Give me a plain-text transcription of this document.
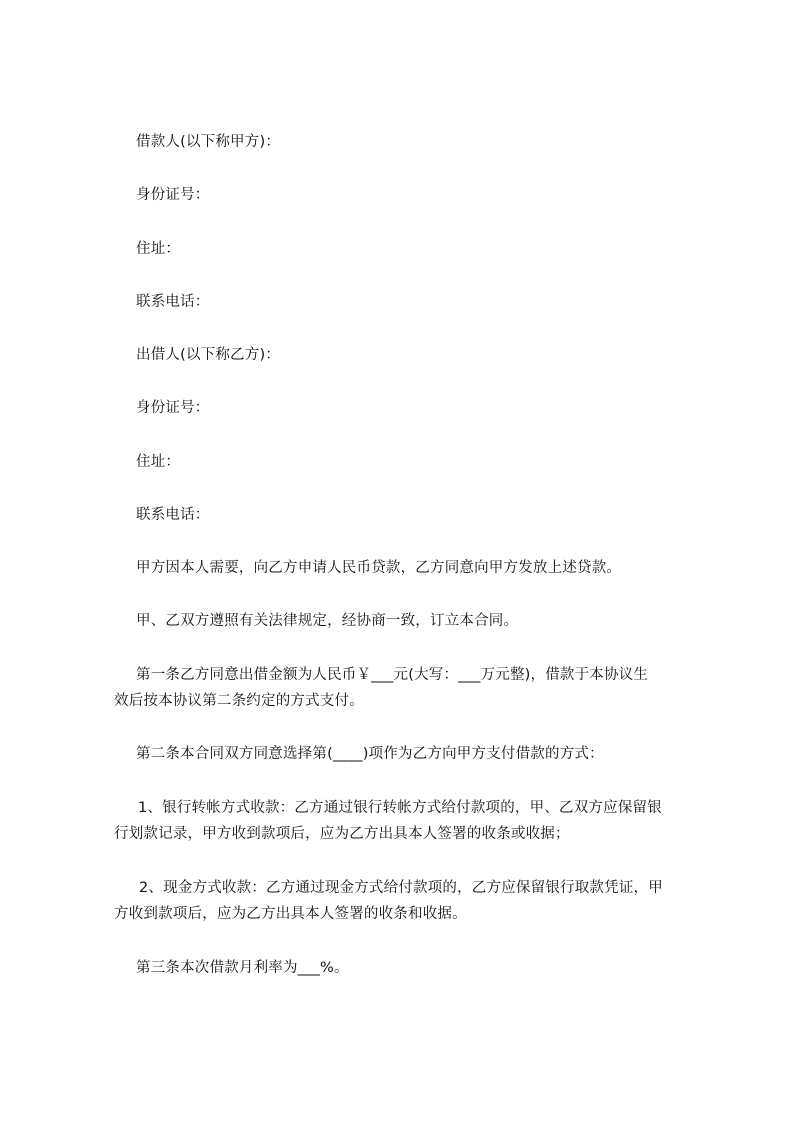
借款人(以下称甲方)：
身份证号：
住址：
联系电话：
出借人(以下称乙方)：
身份证号：
住址：
联系电话：
甲方因本人需要，向乙方申请人民币贷款，乙方同意向甲方发放上述贷款。
甲、乙双方遵照有关法律规定，经协商一致，订立本合同。
第一条乙方同意出借金额为人民币￥___元(大写：___万元整)，借款于本协议生
效后按本协议第二条约定的方式支付。
第二条本合同双方同意选择第(____)项作为乙方向甲方支付借款的方式：
1、银行转帐方式收款：乙方通过银行转帐方式给付款项的，甲、乙双方应保留银
行划款记录，甲方收到款项后，应为乙方出具本人签署的收条或收据；
2、现金方式收款：乙方通过现金方式给付款项的，乙方应保留银行取款凭证，甲
方收到款项后，应为乙方出具本人签署的收条和收据。
第三条本次借款月利率为___%。
